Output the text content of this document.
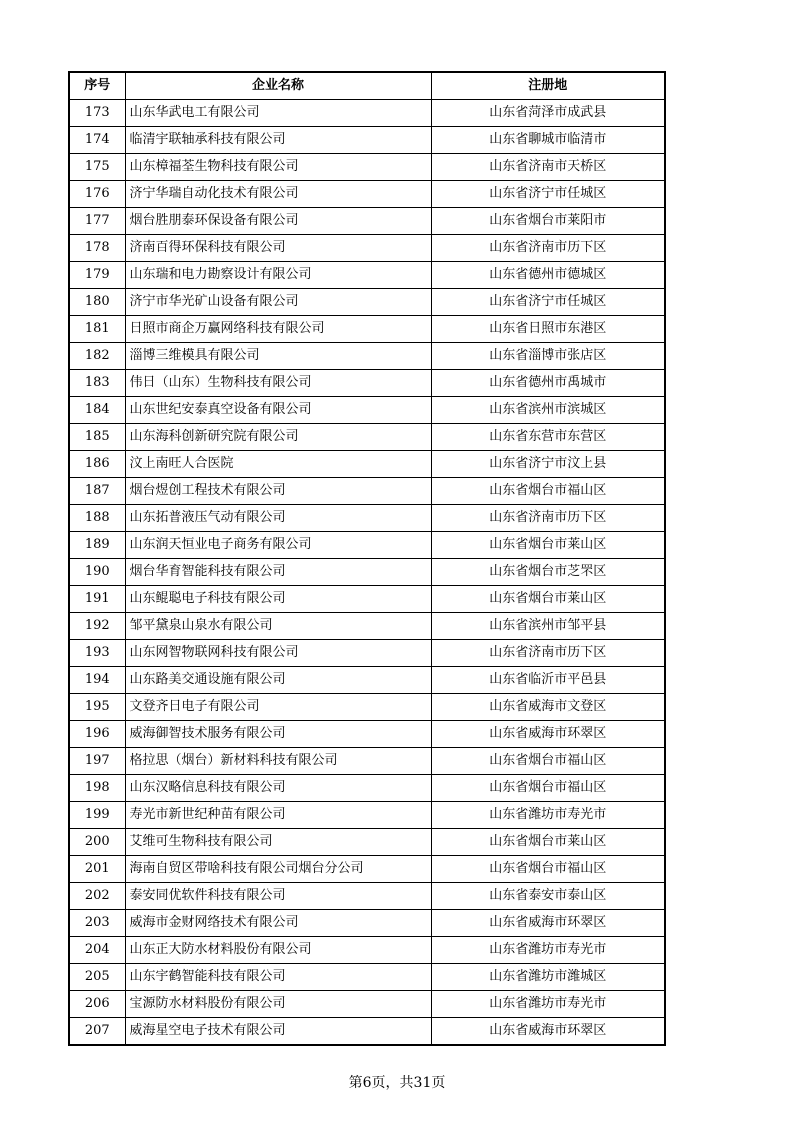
序号	企业名称	注册地
173	山东华武电工有限公司	山东省菏泽市成武县
174	临清宇联轴承科技有限公司	山东省聊城市临清市
175	山东樟福荃生物科技有限公司	山东省济南市天桥区
176	济宁华瑞自动化技术有限公司	山东省济宁市任城区
177	烟台胜朋泰环保设备有限公司	山东省烟台市莱阳市
178	济南百得环保科技有限公司	山东省济南市历下区
179	山东瑞和电力勘察设计有限公司	山东省德州市德城区
180	济宁市华光矿山设备有限公司	山东省济宁市任城区
181	日照市商企万赢网络科技有限公司	山东省日照市东港区
182	淄博三维模具有限公司	山东省淄博市张店区
183	伟日（山东）生物科技有限公司	山东省德州市禹城市
184	山东世纪安泰真空设备有限公司	山东省滨州市滨城区
185	山东海科创新研究院有限公司	山东省东营市东营区
186	汶上南旺人合医院	山东省济宁市汶上县
187	烟台煜创工程技术有限公司	山东省烟台市福山区
188	山东拓普液压气动有限公司	山东省济南市历下区
189	山东润天恒业电子商务有限公司	山东省烟台市莱山区
190	烟台华育智能科技有限公司	山东省烟台市芝罘区
191	山东鲲聪电子科技有限公司	山东省烟台市莱山区
192	邹平黛泉山泉水有限公司	山东省滨州市邹平县
193	山东网智物联网科技有限公司	山东省济南市历下区
194	山东路美交通设施有限公司	山东省临沂市平邑县
195	文登齐日电子有限公司	山东省威海市文登区
196	威海御智技术服务有限公司	山东省威海市环翠区
197	格拉思（烟台）新材料科技有限公司	山东省烟台市福山区
198	山东汉略信息科技有限公司	山东省烟台市福山区
199	寿光市新世纪种苗有限公司	山东省潍坊市寿光市
200	艾维可生物科技有限公司	山东省烟台市莱山区
201	海南自贸区带啥科技有限公司烟台分公司	山东省烟台市福山区
202	泰安同优软件科技有限公司	山东省泰安市泰山区
203	威海市金财网络技术有限公司	山东省威海市环翠区
204	山东正大防水材料股份有限公司	山东省潍坊市寿光市
205	山东宇鹤智能科技有限公司	山东省潍坊市潍城区
206	宝源防水材料股份有限公司	山东省潍坊市寿光市
207	威海星空电子技术有限公司	山东省威海市环翠区
第6页，共31页
